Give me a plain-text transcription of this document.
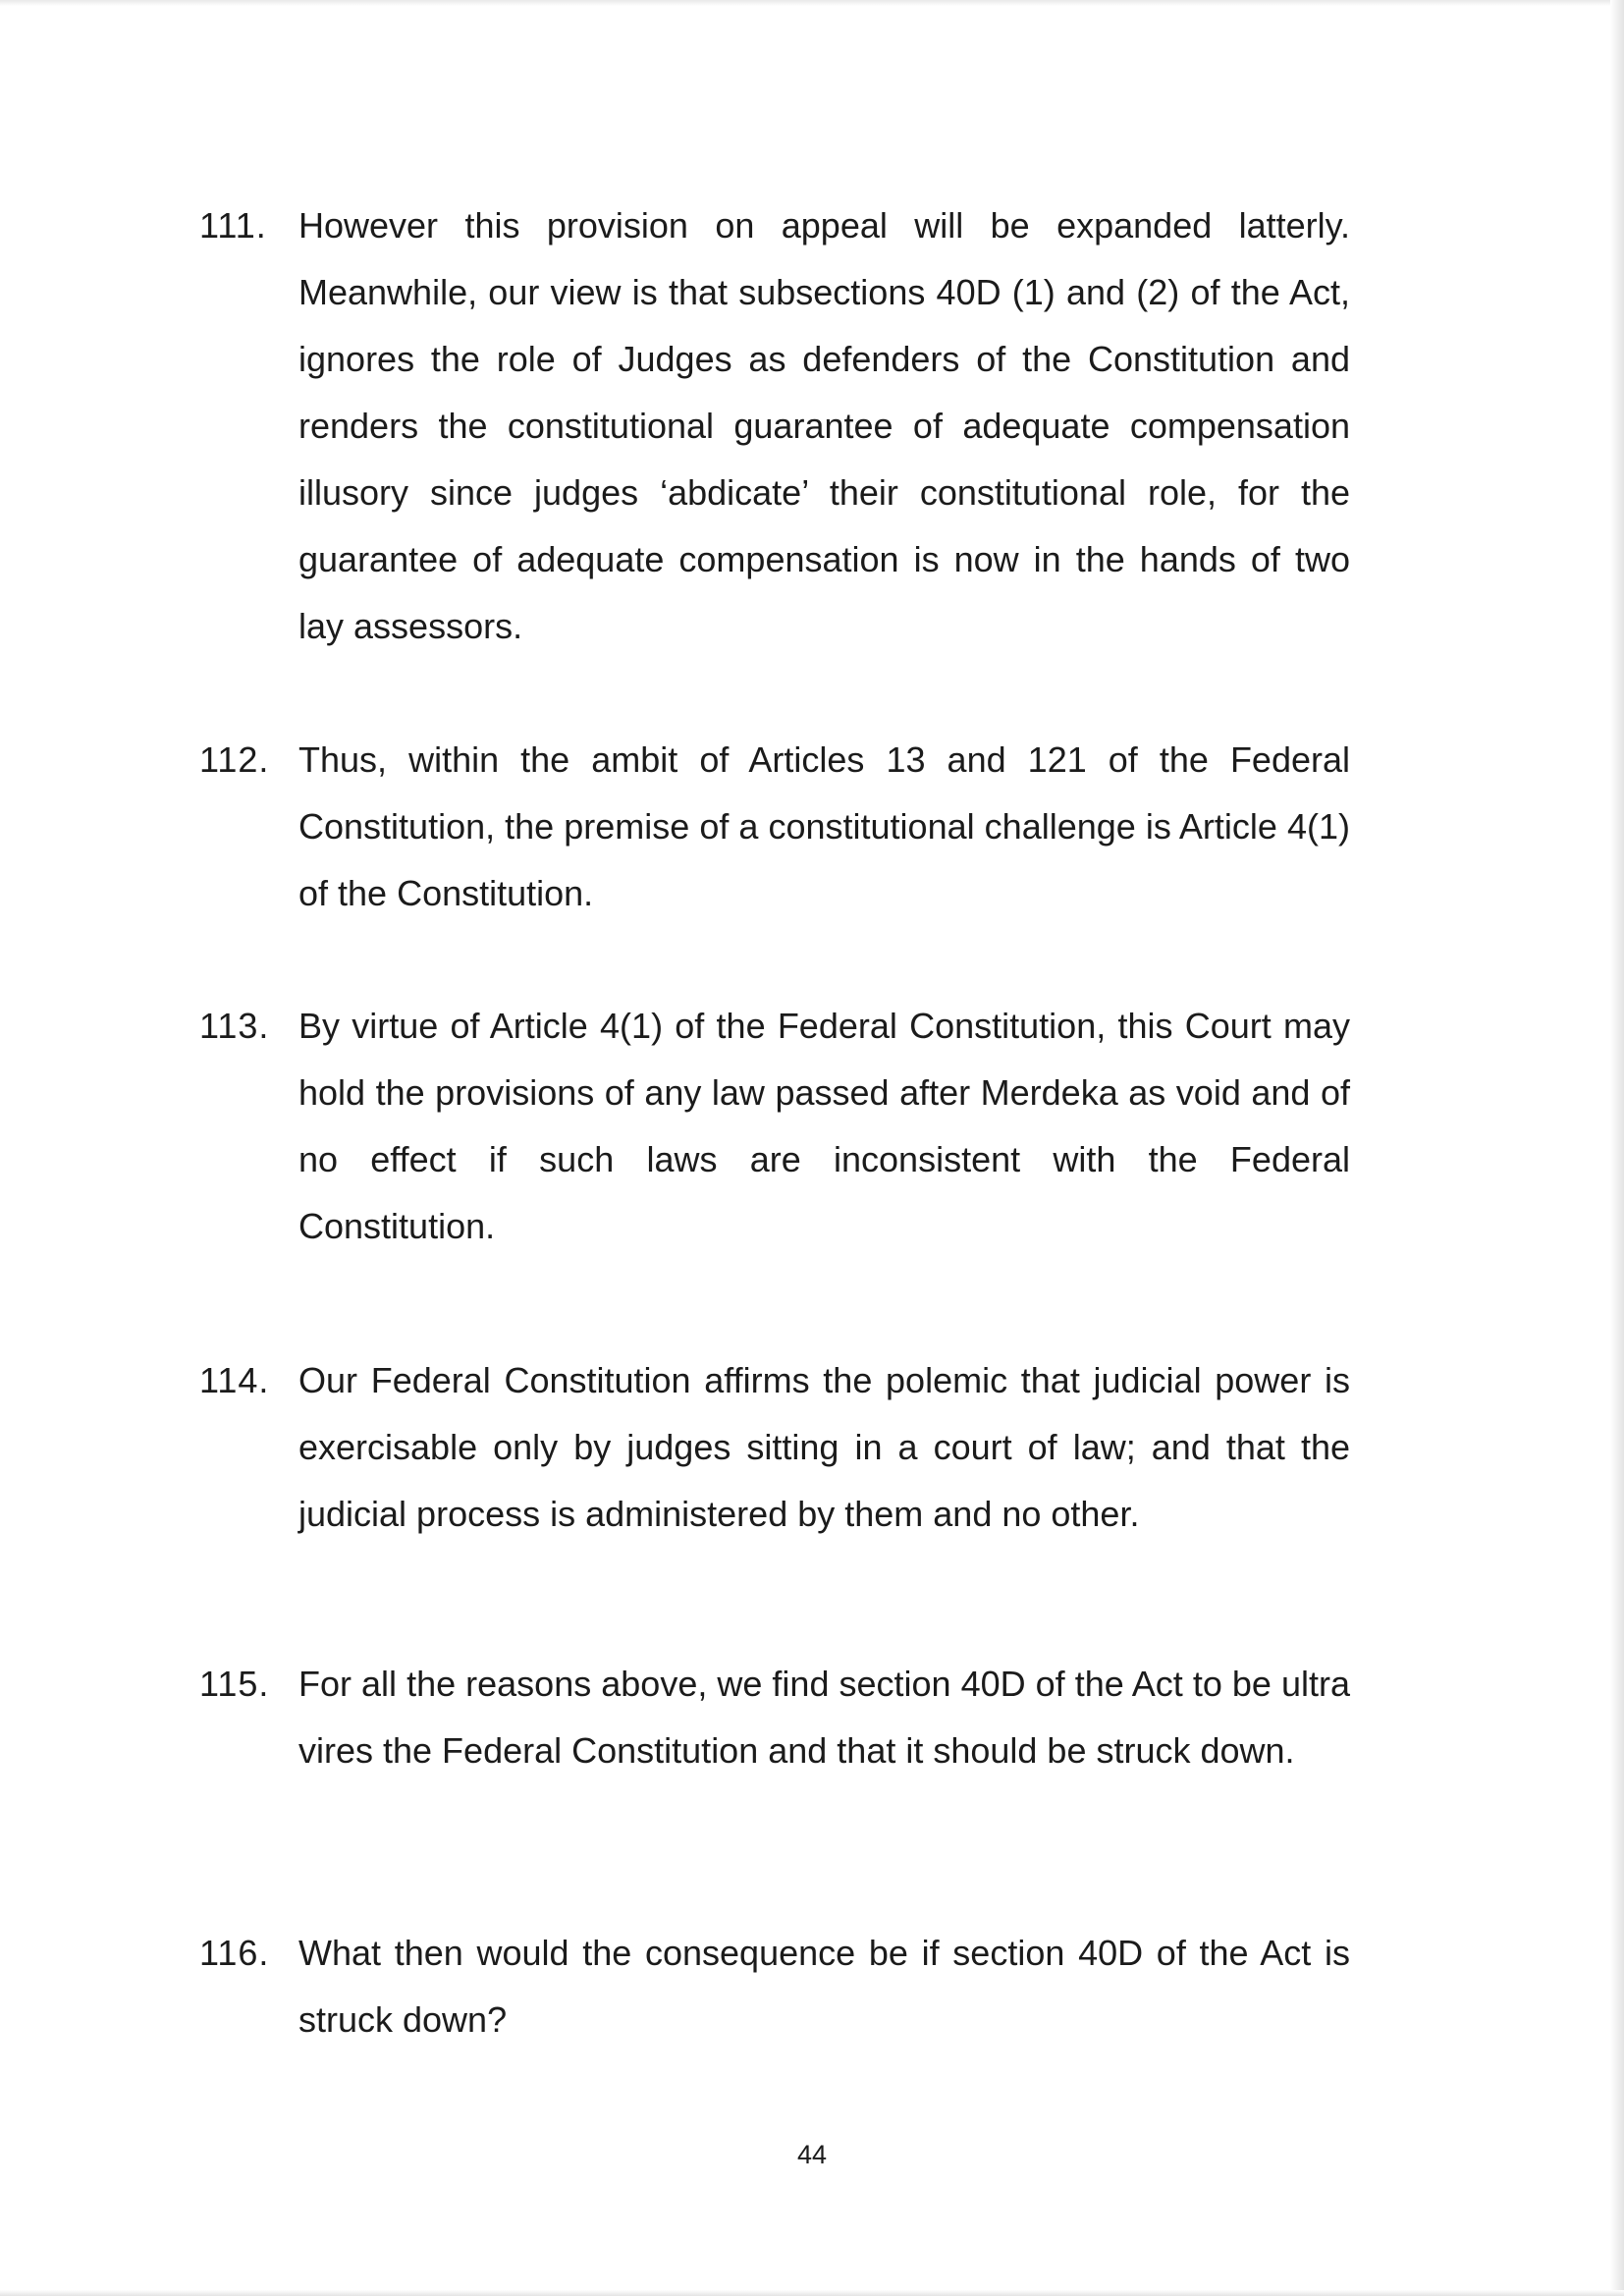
111. However this provision on appeal will be expanded latterly. Meanwhile, our view is that subsections 40D (1) and (2) of the Act, ignores the role of Judges as defenders of the Constitution and renders the constitutional guarantee of adequate compensation illusory since judges ‘abdicate’ their constitutional role, for the guarantee of adequate compensation is now in the hands of two lay assessors.
112. Thus, within the ambit of Articles 13 and 121 of the Federal Constitution, the premise of a constitutional challenge is Article 4(1) of the Constitution.
113. By virtue of Article 4(1) of the Federal Constitution, this Court may hold the provisions of any law passed after Merdeka as void and of no effect if such laws are inconsistent with the Federal Constitution.
114. Our Federal Constitution affirms the polemic that judicial power is exercisable only by judges sitting in a court of law; and that the judicial process is administered by them and no other.
115. For all the reasons above, we find section 40D of the Act to be ultra vires the Federal Constitution and that it should be struck down.
116. What then would the consequence be if section 40D of the Act is struck down?
44
